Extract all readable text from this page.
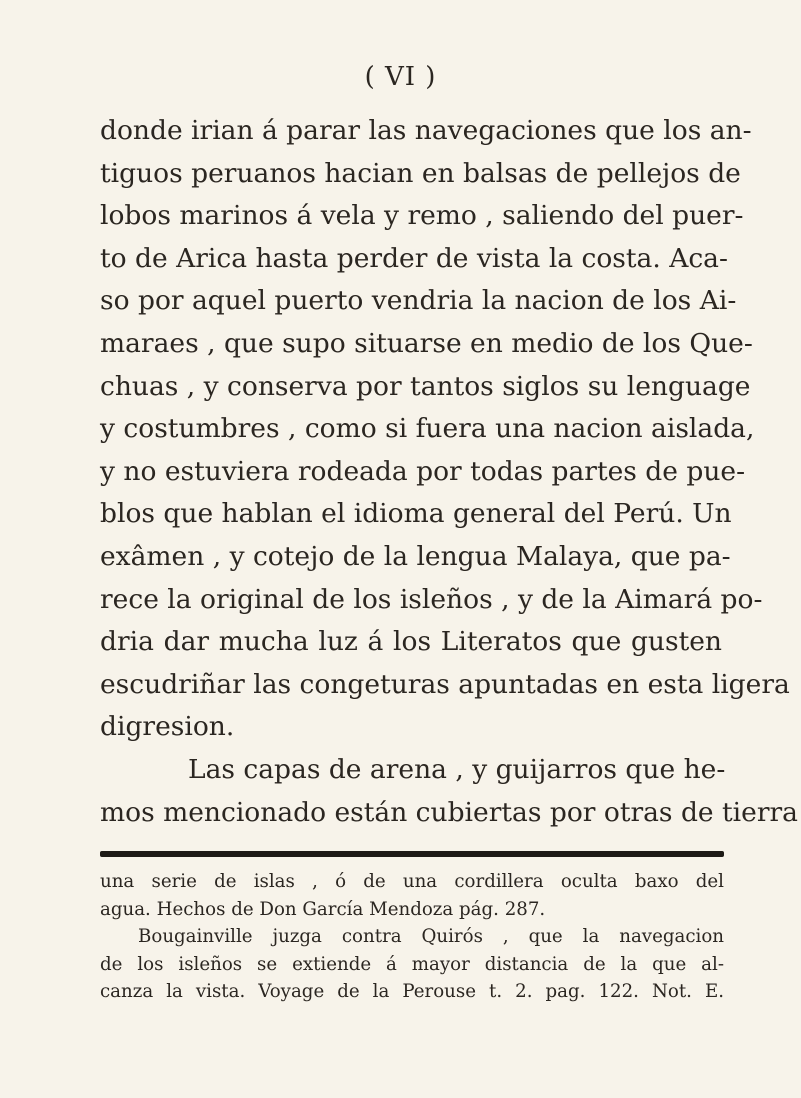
( VI )
donde irian á parar las navegaciones que los an-
tiguos peruanos hacian en balsas de pellejos de
lobos marinos á vela y remo , saliendo del puer-
to de Arica hasta perder de vista la costa. Aca-
so por aquel puerto vendria la nacion de los Ai-
maraes , que supo situarse en medio de los Que-
chuas , y conserva por tantos siglos su lenguage
y costumbres , como si fuera una nacion aislada,
y no estuviera rodeada por todas partes de pue-
blos que hablan el idioma general del Perú. Un
exâmen , y cotejo de la lengua Malaya, que pa-
rece la original de los isleños , y de la Aimará po-
dria dar mucha luz á los Literatos que gusten
escudriñar las congeturas apuntadas en esta ligera
digresion.
Las capas de arena , y guijarros que he-
mos mencionado están cubiertas por otras de tierra
una serie de islas , ó de una cordillera oculta baxo del
agua. Hechos de Don García Mendoza pág. 287.
Bougainville juzga contra Quirós , que la navegacion
de los isleños se extiende á mayor distancia de la que al-
canza la vista. Voyage de la Perouse t. 2. pag. 122. Not. E.
